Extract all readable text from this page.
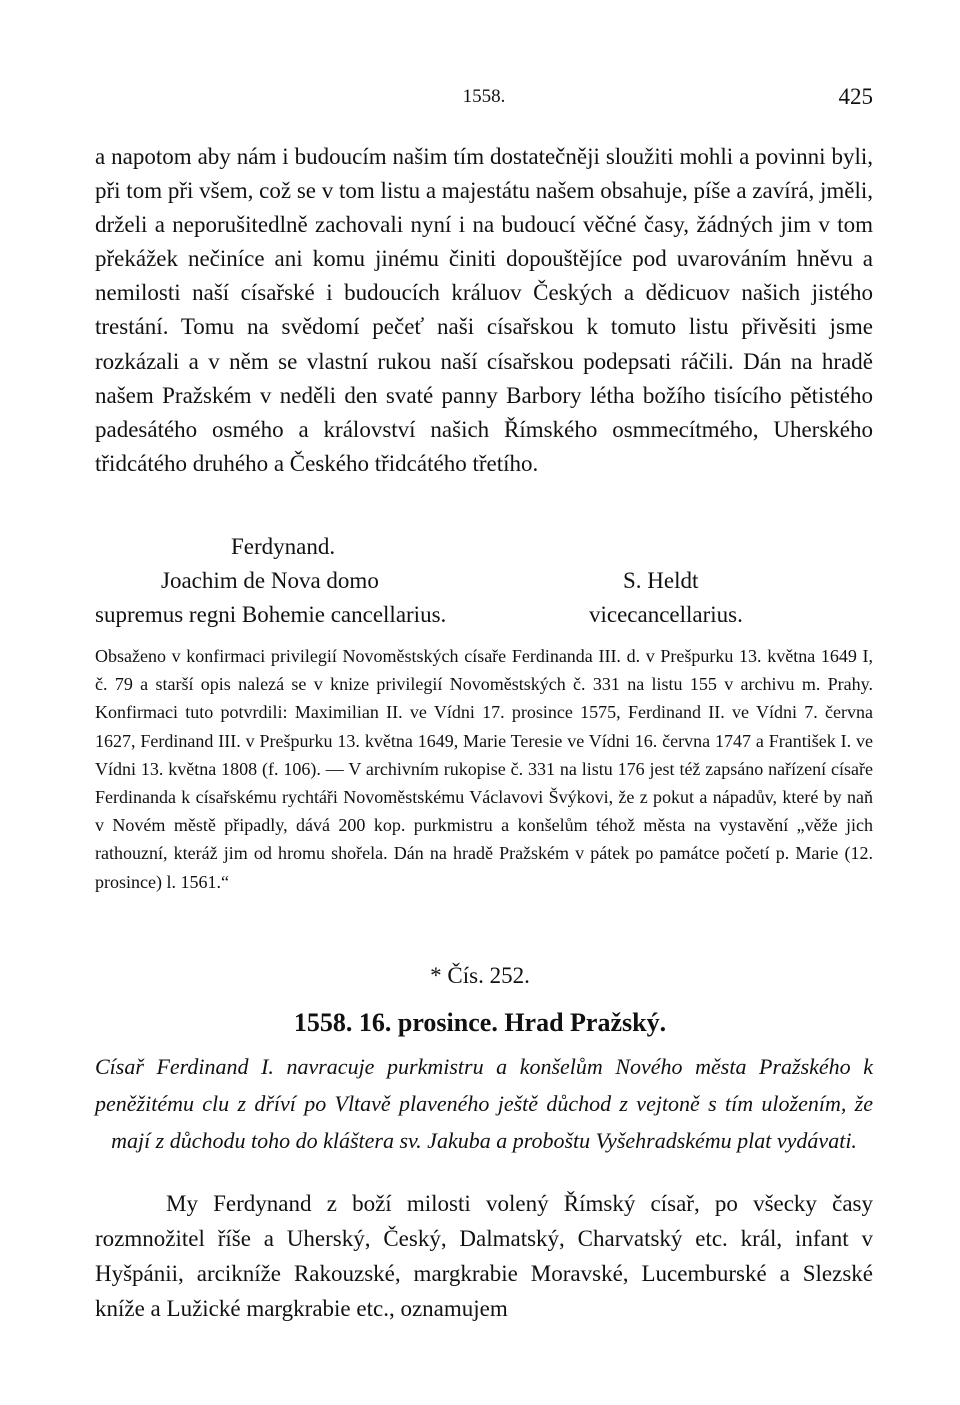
1558.	425
a napotom aby nám i budoucím našim tím dostatečněji sloužiti mohli a povinni byli, při tom při všem, což se v tom listu a majestátu našem obsahuje, píše a zavírá, jměli, drželi a neporušitedlně zachovali nyní i na budoucí věčné časy, žádných jim v tom překážek nečiníce ani komu jinému činiti dopouštějíce pod uvarováním hněvu a nemilosti naší císařské i budoucích králuov Českých a dědicuov našich jistého trestání. Tomu na svědomí pečeť naši císařskou k tomuto listu přivěsiti jsme rozkázali a v něm se vlastní rukou naší císařskou podepsati ráčili. Dán na hradě našem Pražském v neděli den svaté panny Barbory létha božího tisícího pětistého padesátého osmého a království našich Římského osmmecítmého, Uherského třidcátého druhého a Českého třidcátého třetího.
Ferdynand.
Joachim de Nova domo	S. Heldt
supremus regni Bohemie cancellarius.	vicecancellarius.
Obsaženo v konfirmaci privilegií Novoměstských císaře Ferdinanda III. d. v Prešpurku 13. května 1649 I, č. 79 a starší opis nalezá se v knize privilegií Novoměstských č. 331 na listu 155 v archivu m. Prahy. Konfirmaci tuto potvrdili: Maximilian II. ve Vídni 17. prosince 1575, Ferdinand II. ve Vídni 7. června 1627, Ferdinand III. v Prešpurku 13. května 1649, Marie Teresie ve Vídni 16. června 1747 a František I. ve Vídni 13. května 1808 (f. 106). — V archivním rukopise č. 331 na listu 176 jest též zapsáno nařízení císaře Ferdinanda k císařskému rychtáři Novoměstskému Václavovi Švýkovi, že z pokut a nápadův, které by naň v Novém městě připadly, dává 200 kop. purkmistru a konšelům téhož města na vystavění „věže jich rathouzní, kteráž jim od hromu shořela. Dán na hradě Pražském v pátek po památce početí p. Marie (12. prosince) l. 1561.“
* Čís. 252.
1558. 16. prosince. Hrad Pražský.
Císař Ferdinand I. navracuje purkmistru a konšelům Nového města Pražského k peněžitému clu z dříví po Vltavě plaveného ještě důchod z vejtoně s tím uložením, že mají z důchodu toho do kláštera sv. Jakuba a proboštu Vyšehradskému plat vydávati.
My Ferdynand z boží milosti volený Římský císař, po všecky časy rozmnožitel říše a Uherský, Český, Dalmatský, Charvatský etc. král, infant v Hyšpánii, arcikníže Rakouzské, margkrabie Moravské, Lucemburské a Slezské kníže a Lužické margkrabie etc., oznamujem
